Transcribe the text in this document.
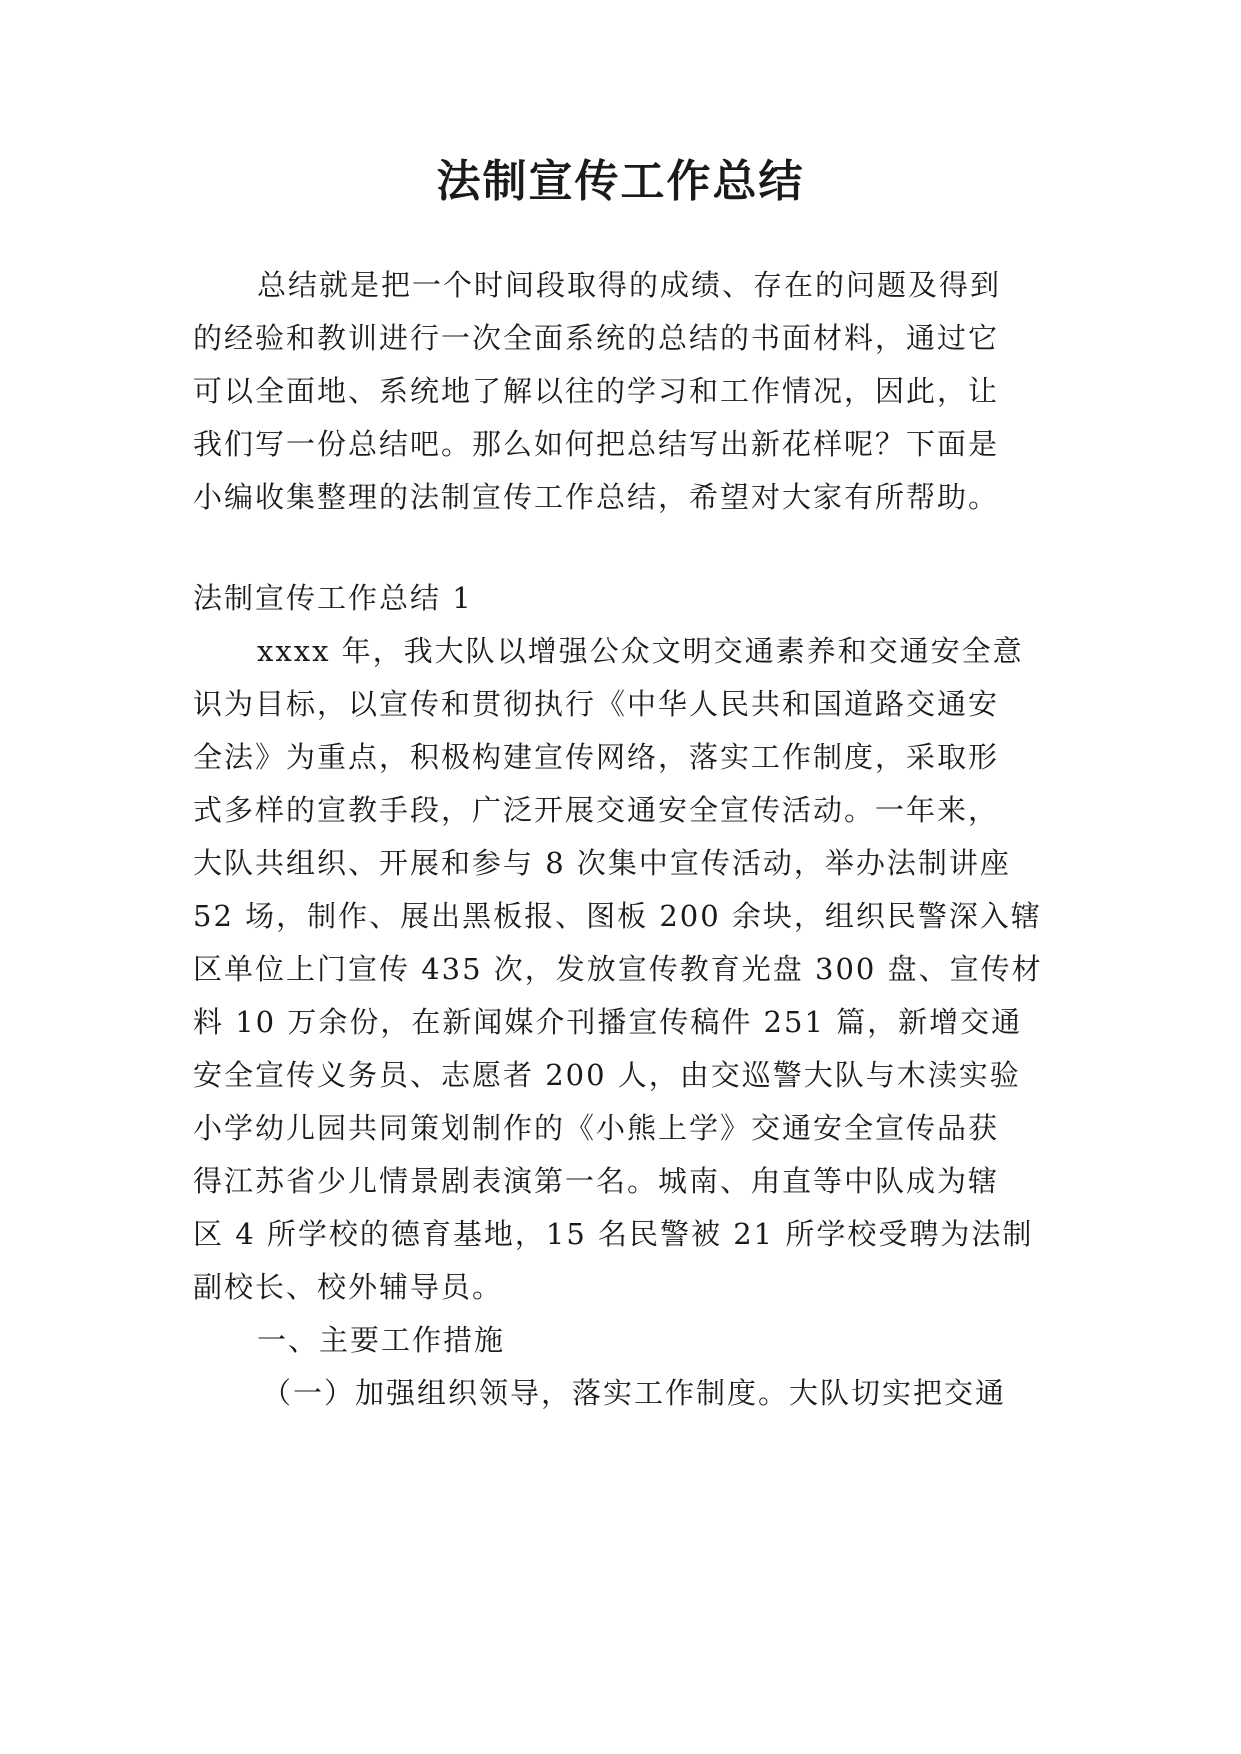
法制宣传工作总结
总结就是把一个时间段取得的成绩、存在的问题及得到
的经验和教训进行一次全面系统的总结的书面材料，通过它
可以全面地、系统地了解以往的学习和工作情况，因此，让
我们写一份总结吧。那么如何把总结写出新花样呢？下面是
小编收集整理的法制宣传工作总结，希望对大家有所帮助。
法制宣传工作总结 1
xxxx 年，我大队以增强公众文明交通素养和交通安全意
识为目标，以宣传和贯彻执行《中华人民共和国道路交通安
全法》为重点，积极构建宣传网络，落实工作制度，采取形
式多样的宣教手段，广泛开展交通安全宣传活动。一年来，
大队共组织、开展和参与 8 次集中宣传活动，举办法制讲座
52 场，制作、展出黑板报、图板 200 余块，组织民警深入辖
区单位上门宣传 435 次，发放宣传教育光盘 300 盘、宣传材
料 10 万余份，在新闻媒介刊播宣传稿件 251 篇，新增交通
安全宣传义务员、志愿者 200 人，由交巡警大队与木渎实验
小学幼儿园共同策划制作的《小熊上学》交通安全宣传品获
得江苏省少儿情景剧表演第一名。城南、甪直等中队成为辖
区 4 所学校的德育基地，15 名民警被 21 所学校受聘为法制
副校长、校外辅导员。
一、主要工作措施
（一）加强组织领导，落实工作制度。大队切实把交通
